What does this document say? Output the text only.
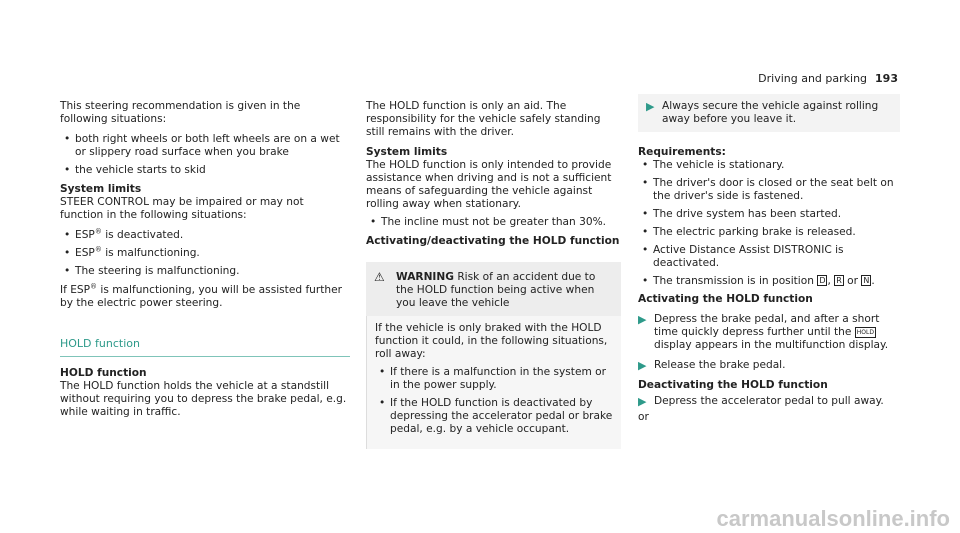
Driving and parking 193

This steering recommendation is given in the following situations:

• both right wheels or both left wheels are on a wet or slippery road surface when you brake
• the vehicle starts to skid

System limits

STEER CONTROL may be impaired or may not function in the following situations:

• ESP® is deactivated.
• ESP® is malfunctioning.
• The steering is malfunctioning.

If ESP® is malfunctioning, you will be assisted further by the electric power steering.

HOLD function

HOLD function

The HOLD function holds the vehicle at a standstill without requiring you to depress the brake pedal, e.g. while waiting in traffic.

The HOLD function is only an aid. The responsibility for the vehicle safely standing still remains with the driver.

System limits

The HOLD function is only intended to provide assistance when driving and is not a sufficient means of safeguarding the vehicle against rolling away when stationary.

• The incline must not be greater than 30%.

Activating/deactivating the HOLD function

⚠	WARNING Risk of an accident due to the HOLD function being active when you leave the vehicle

If the vehicle is only braked with the HOLD function it could, in the following situations, roll away:

• If there is a malfunction in the system or in the power supply.
• If the HOLD function is deactivated by depressing the accelerator pedal or brake pedal, e.g. by a vehicle occupant.
▶ Always secure the vehicle against rolling away before you leave it.

Requirements:

• The vehicle is stationary.
• The driver's door is closed or the seat belt on the driver's side is fastened.
• The drive system has been started.
• The electric parking brake is released.
• Active Distance Assist DISTRONIC is deactivated.
• The transmission is in position D , R or N .

Activating the HOLD function

▶ Depress the brake pedal, and after a short time quickly depress further until the HOLD display appears in the multifunction display.
▶ Release the brake pedal.

Deactivating the HOLD function

▶ Depress the accelerator pedal to pull away.

or

carmanualsonline.info
